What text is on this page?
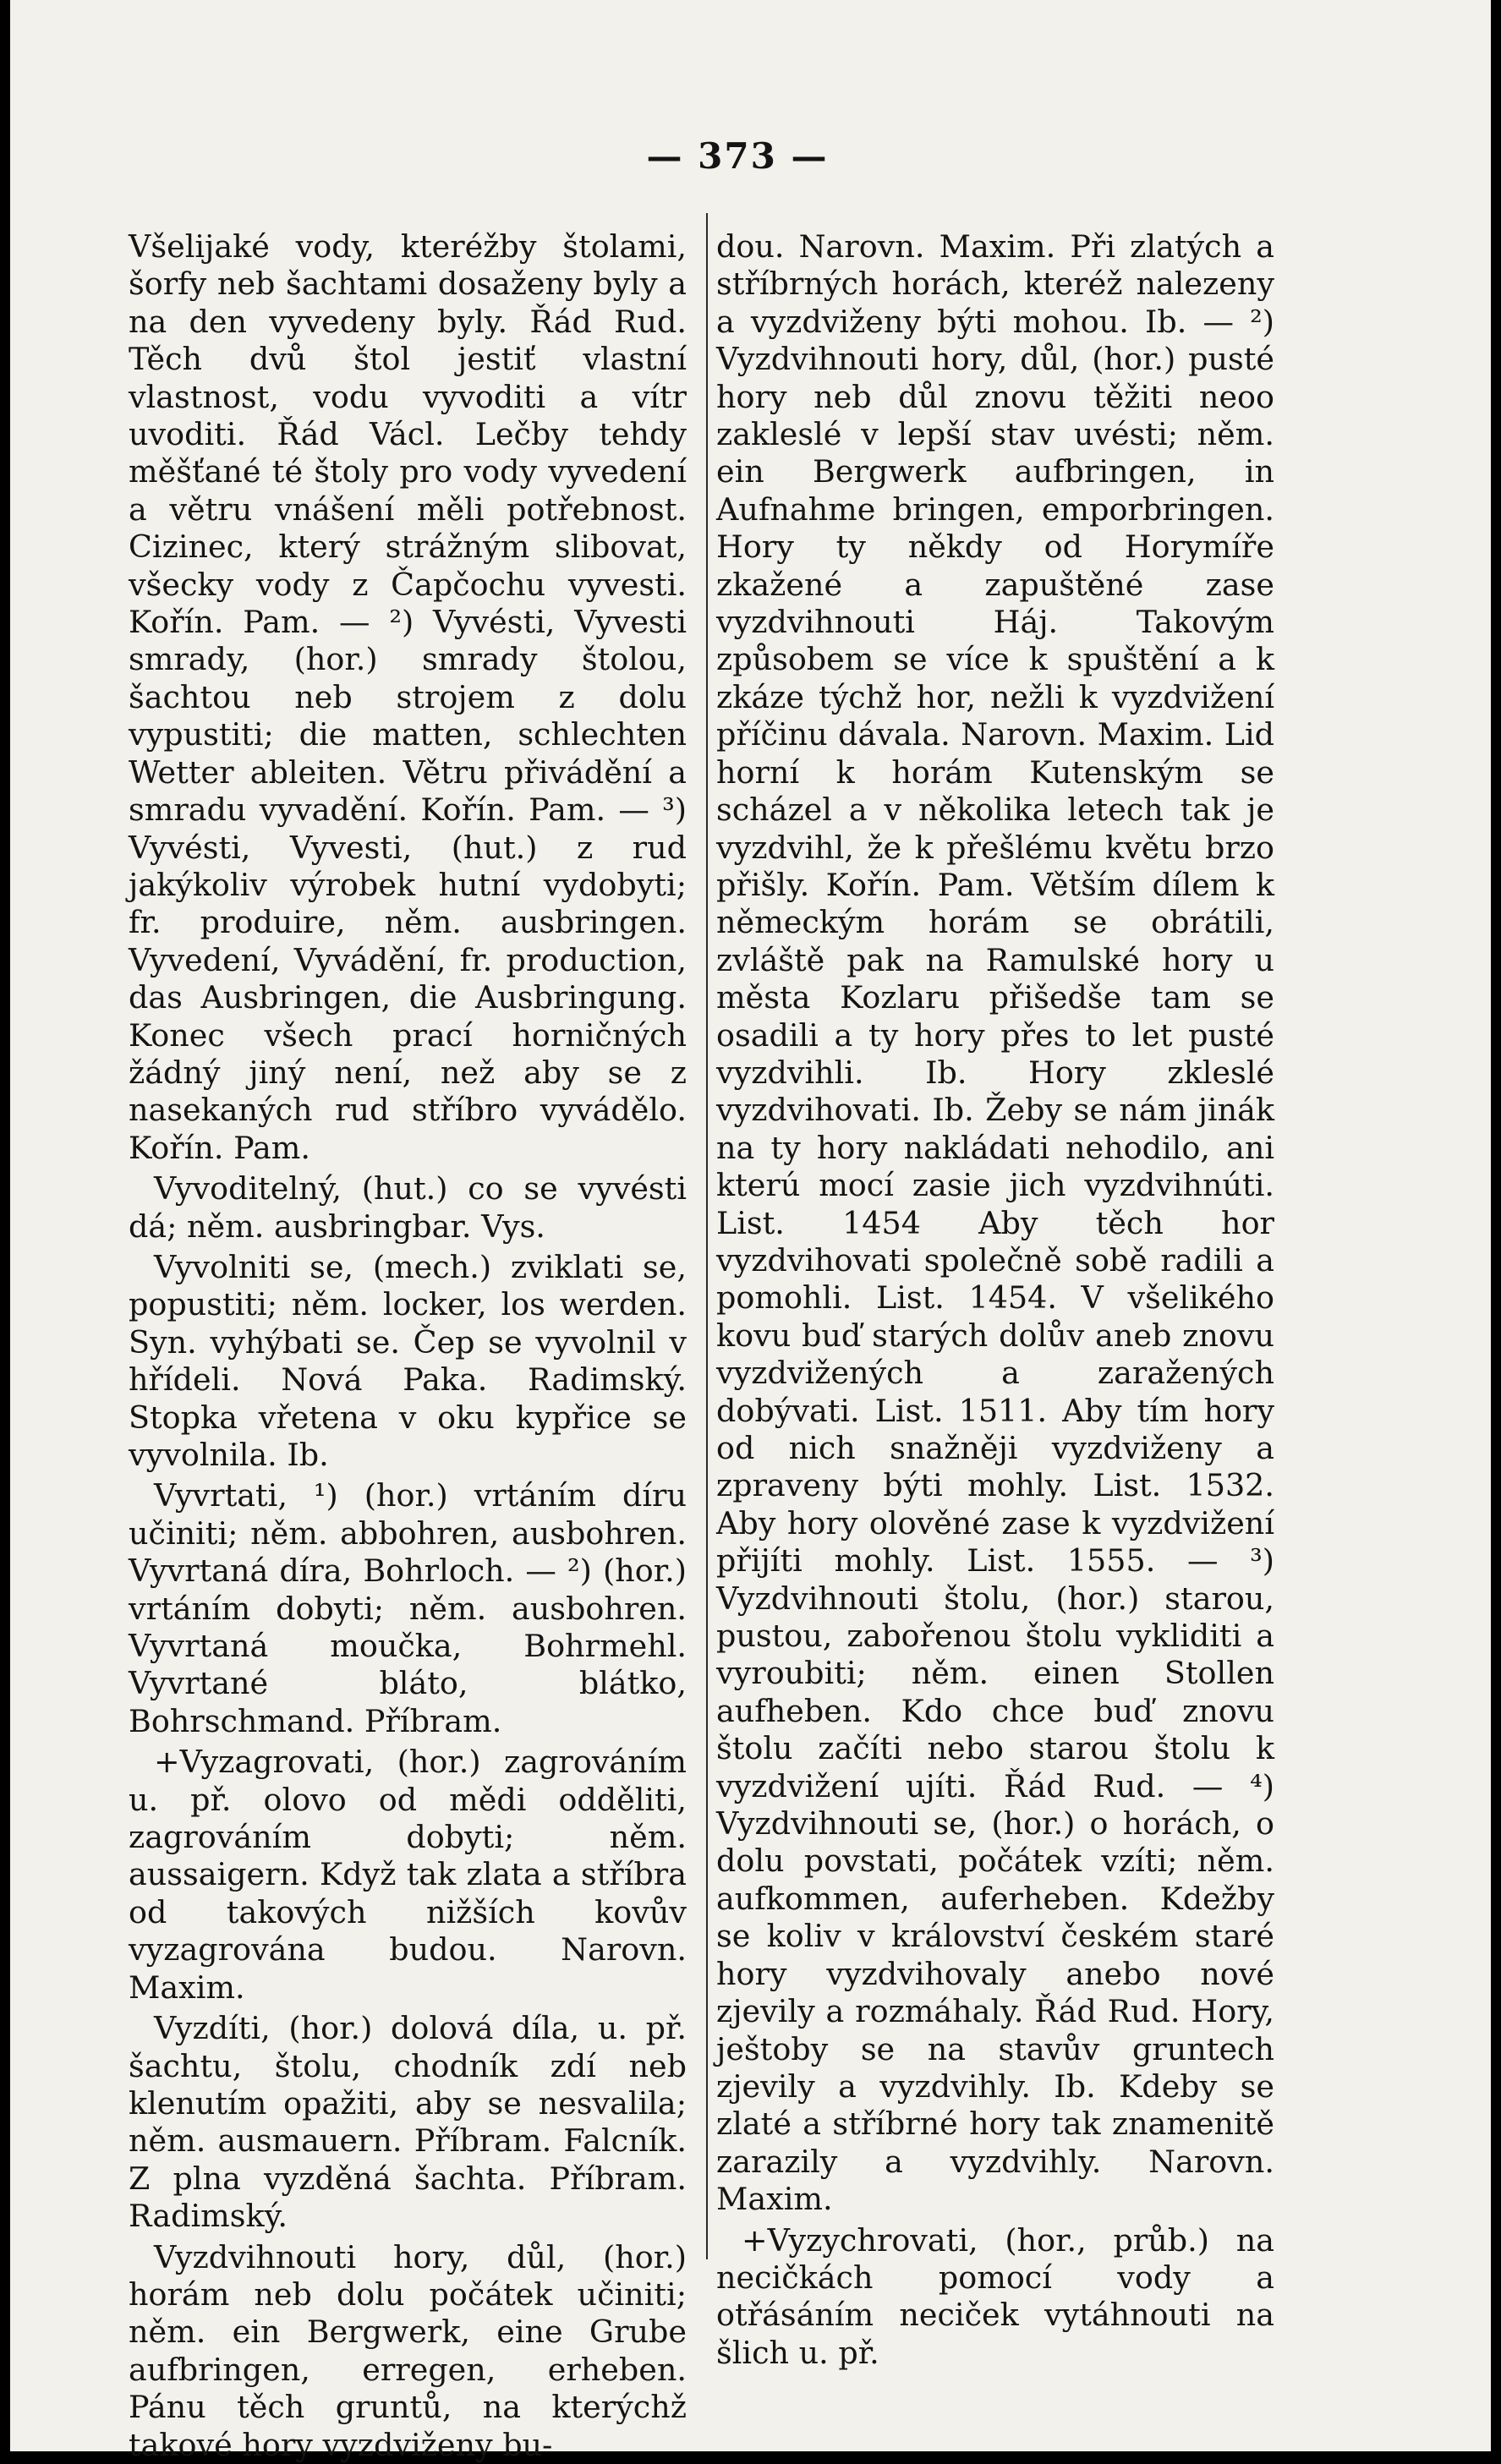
— 373 —

Všelijaké vody, kteréžby štolami, šorfy neb šachtami dosaženy byly a na den vyvedeny byly. Řád Rud. Těch dvů štol jestiť vlastní vlastnost, vodu vyvoditi a vítr uvoditi. Řád Václ. Lečby tehdy měšťané té štoly pro vody vyvedení a větru vnášení měli potřebnost. Cizinec, který strážným slibovat, všecky vody z Čapčochu vyvesti. Kořín. Pam. — ²) Vyvésti, Vyvesti smrady, (hor.) smrady štolou, šachtou neb strojem z dolu vypustiti; die matten, schlechten Wetter ableiten. Větru přivádění a smradu vyvadění. Kořín. Pam. — ³) Vyvésti, Vyvesti, (hut.) z rud jakýkoliv výrobek hutní vydobyti; fr. produire, něm. ausbringen. Vyvedení, Vyvádění, fr. production, das Ausbringen, die Ausbringung. Konec všech prací horničných žádný jiný není, než aby se z nasekaných rud stříbro vyvádělo. Kořín. Pam.

Vyvoditelný, (hut.) co se vyvésti dá; něm. ausbringbar. Vys.

Vyvolniti se, (mech.) zviklati se, popustiti; něm. locker, los werden. Syn. vyhýbati se. Čep se vyvolnil v hřídeli. Nová Paka. Radimský. Stopka vřetena v oku kypřice se vyvolnila. Ib.

Vyvrtati, ¹) (hor.) vrtáním díru učiniti; něm. abbohren, ausbohren. Vyvrtaná díra, Bohrloch. — ²) (hor.) vrtáním dobyti; něm. ausbohren. Vyvrtaná moučka, Bohrmehl. Vyvrtané bláto, blátko, Bohrschmand. Příbram.

+Vyzagrovati, (hor.) zagrováním u. př. olovo od mědi odděliti, zagrováním dobyti; něm. aussaigern. Když tak zlata a stříbra od takových nižších kovův vyzagrována budou. Narovn. Maxim.

Vyzdíti, (hor.) dolová díla, u. př. šachtu, štolu, chodník zdí neb klenutím opažiti, aby se nesvalila; něm. ausmauern. Příbram. Falcník. Z plna vyzděná šachta. Příbram. Radimský.

Vyzdvihnouti hory, důl, (hor.) horám neb dolu počátek učiniti; něm. ein Bergwerk, eine Grube aufbringen, erregen, erheben. Pánu těch gruntů, na kterýchž takové hory vyzdviženy bu-

dou. Narovn. Maxim. Při zlatých a stříbrných horách, kteréž nalezeny a vyzdviženy býti mohou. Ib. — ²) Vyzdvihnouti hory, důl, (hor.) pusté hory neb důl znovu těžiti neoo zakleslé v lepší stav uvésti; něm. ein Bergwerk aufbringen, in Aufnahme bringen, emporbringen. Hory ty někdy od Horymíře zkažené a zapuštěné zase vyzdvihnouti Háj. Takovým způsobem se více k spuštění a k zkáze týchž hor, nežli k vyzdvižení příčinu dávala. Narovn. Maxim. Lid horní k horám Kutenským se scházel a v několika letech tak je vyzdvihl, že k přešlému květu brzo přišly. Kořín. Pam. Větším dílem k německým horám se obrátili, zvláště pak na Ramulské hory u města Kozlaru přišedše tam se osadili a ty hory přes to let pusté vyzdvihli. Ib. Hory zkleslé vyzdvihovati. Ib. Žeby se nám jinák na ty hory nakládati nehodilo, ani kterú mocí zasie jich vyzdvihnúti. List. 1454 Aby těch hor vyzdvihovati společně sobě radili a pomohli. List. 1454. V všelikého kovu buď starých dolův aneb znovu vyzdvižených a zaražených dobývati. List. 1511. Aby tím hory od nich snažněji vyzdviženy a zpraveny býti mohly. List. 1532. Aby hory olověné zase k vyzdvižení přijíti mohly. List. 1555. — ³) Vyzdvihnouti štolu, (hor.) starou, pustou, zabořenou štolu vykliditi a vyroubiti; něm. einen Stollen aufheben. Kdo chce buď znovu štolu začíti nebo starou štolu k vyzdvižení ujíti. Řád Rud. — ⁴) Vyzdvihnouti se, (hor.) o horách, o dolu povstati, počátek vzíti; něm. aufkommen, auferheben. Kdežby se koliv v království českém staré hory vyzdvihovaly anebo nové zjevily a rozmáhaly. Řád Rud. Hory, ještoby se na stavův gruntech zjevily a vyzdvihly. Ib. Kdeby se zlaté a stříbrné hory tak znamenitě zarazily a vyzdvihly. Narovn. Maxim.

+Vyzychrovati, (hor., průb.) na necičkách pomocí vody a otřásáním neciček vytáhnouti na šlich u. př.
